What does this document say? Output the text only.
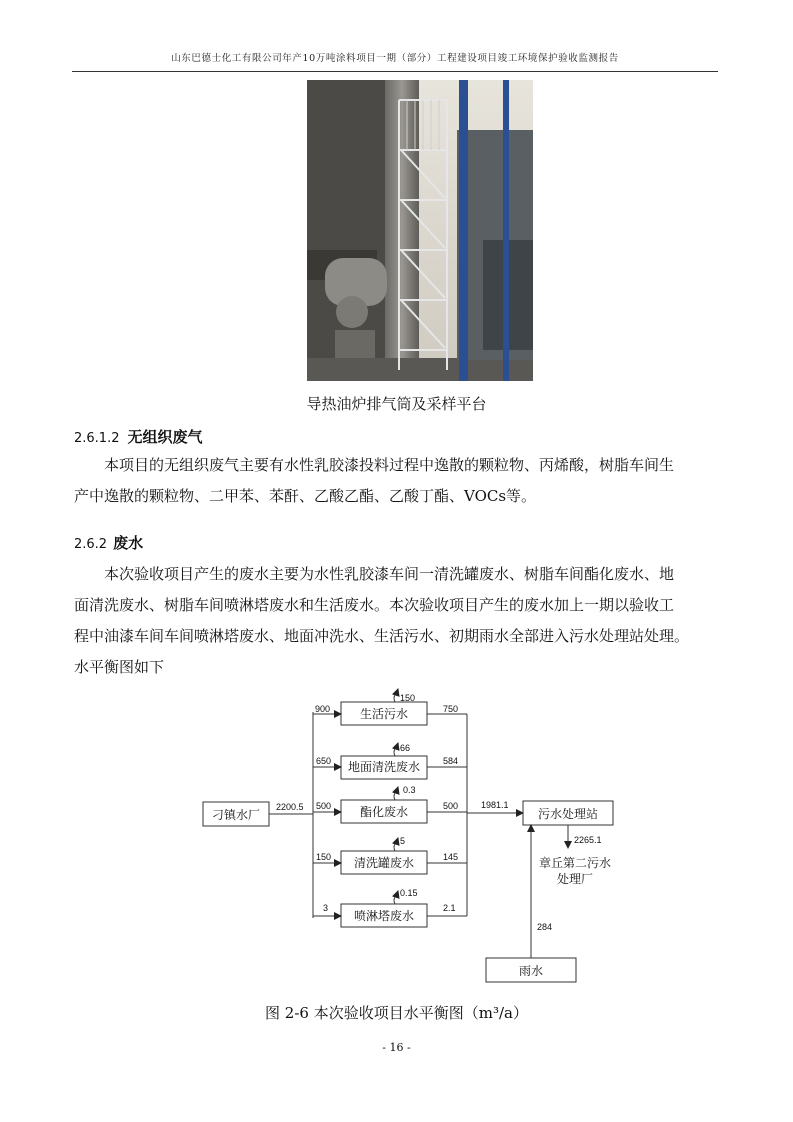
山东巴德士化工有限公司年产10万吨涂料项目一期（部分）工程建设项目竣工环境保护验收监测报告
导热油炉排气筒及采样平台
2.6.1.2 无组织废气
本项目的无组织废气主要有水性乳胶漆投料过程中逸散的颗粒物、丙烯酸，树脂车间生
产中逸散的颗粒物、二甲苯、苯酐、乙酸乙酯、乙酸丁酯、VOCs等。
2.6.2 废水
本次验收项目产生的废水主要为水性乳胶漆车间一清洗罐废水、树脂车间酯化废水、地
面清洗废水、树脂车间喷淋塔废水和生活废水。本次验收项目产生的废水加上一期以验收工
程中油漆车间车间喷淋塔废水、地面冲洗水、生活污水、初期雨水全部进入污水处理站处理。
水平衡图如下
刁镇水厂
生活污水
地面清洗废水
酯化废水
清洗罐废水
喷淋塔废水
污水处理站
章丘第二污水
处理厂
雨水
2200.5
900
650
500
150
3
150
66
0.3
5
0.15
750
584
500
145
2.1
1981.1
2265.1
284
图 2-6 本次验收项目水平衡图（m³/a）
- 16 -
